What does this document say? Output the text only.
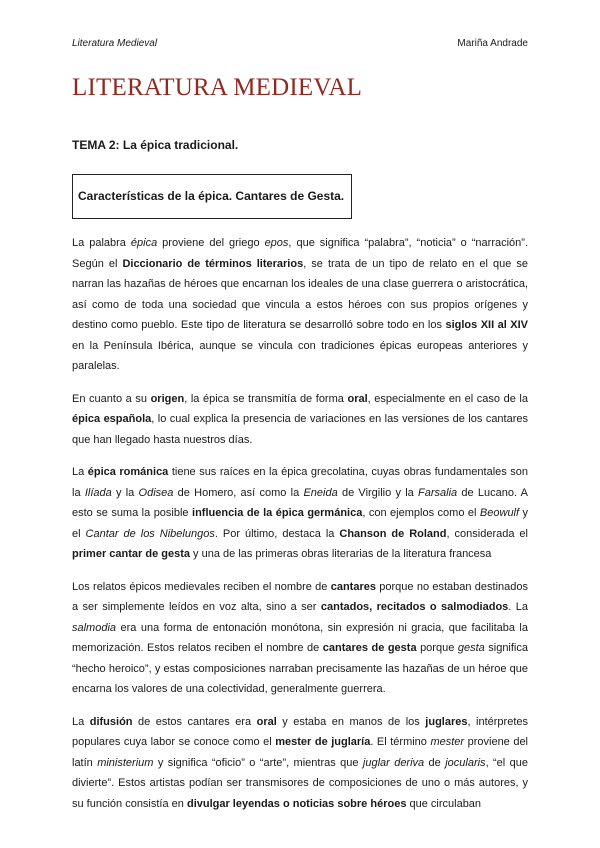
Literatura Medieval	Mariña Andrade
LITERATURA MEDIEVAL

TEMA 2: La épica tradicional.

Características de la épica. Cantares de Gesta.

La palabra épica proviene del griego epos, que significa “palabra”, “noticia” o “narración”. Según el Diccionario de términos literarios, se trata de un tipo de relato en el que se narran las hazañas de héroes que encarnan los ideales de una clase guerrera o aristocrática, así como de toda una sociedad que vincula a estos héroes con sus propios orígenes y destino como pueblo. Este tipo de literatura se desarrolló sobre todo en los siglos XII al XIV en la Península Ibérica, aunque se vincula con tradiciones épicas europeas anteriores y paralelas.

En cuanto a su origen, la épica se transmitía de forma oral, especialmente en el caso de la épica española, lo cual explica la presencia de variaciones en las versiones de los cantares que han llegado hasta nuestros días.

La épica románica tiene sus raíces en la épica grecolatina, cuyas obras fundamentales son la Ilíada y la Odisea de Homero, así como la Eneida de Virgilio y la Farsalia de Lucano. A esto se suma la posible influencia de la épica germánica, con ejemplos como el Beowulf y el Cantar de los Nibelungos. Por último, destaca la Chanson de Roland, considerada el primer cantar de gesta y una de las primeras obras literarias de la literatura francesa

Los relatos épicos medievales reciben el nombre de cantares porque no estaban destinados a ser simplemente leídos en voz alta, sino a ser cantados, recitados o salmodiados. La salmodia era una forma de entonación monótona, sin expresión ni gracia, que facilitaba la memorización. Estos relatos reciben el nombre de cantares de gesta porque gesta significa “hecho heroico”, y estas composiciones narraban precisamente las hazañas de un héroe que encarna los valores de una colectividad, generalmente guerrera.

La difusión de estos cantares era oral y estaba en manos de los juglares, intérpretes populares cuya labor se conoce como el mester de juglaría. El término mester proviene del latín ministerium y significa “oficio” o “arte”, mientras que juglar deriva de jocularis, “el que divierte”. Estos artistas podían ser transmisores de composiciones de uno o más autores, y su función consistía en divulgar leyendas o noticias sobre héroes que circulaban
